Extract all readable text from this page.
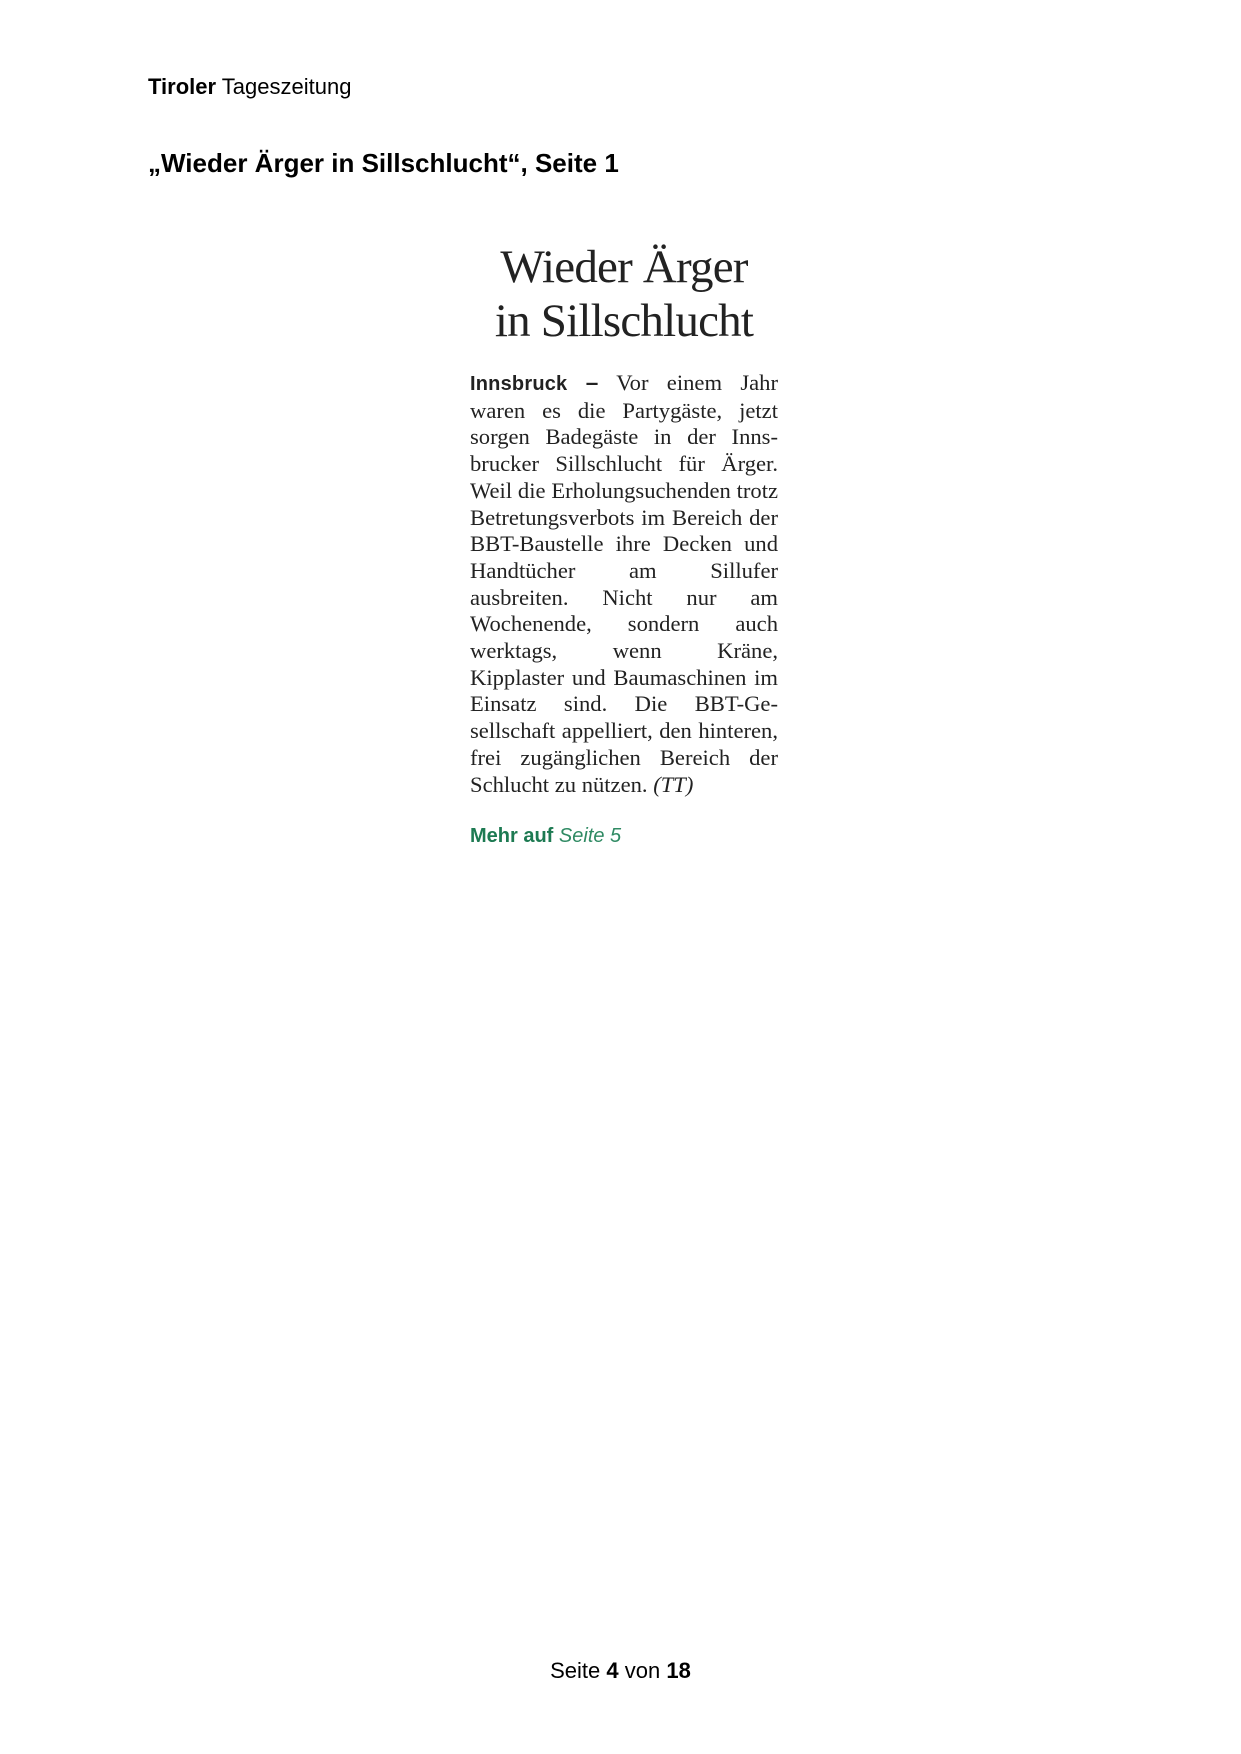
Tiroler Tageszeitung
„Wieder Ärger in Sillschlucht“, Seite 1
Wieder Ärger
in Sillschlucht
Innsbruck – Vor einem Jahr waren es die Partygäste, jetzt sorgen Badegäste in der Innsbrucker Sillschlucht für Ärger. Weil die Erholungsuchenden trotz Betretungsverbots im Bereich der BBT-Baustelle ihre Decken und Handtücher am Sillufer ausbreiten. Nicht nur am Wochenende, sondern auch werktags, wenn Kräne, Kipplaster und Baumaschinen im Einsatz sind. Die BBT-Gesellschaft appelliert, den hinteren, frei zugänglichen Bereich der Schlucht zu nützen. (TT)
Mehr auf Seite 5
Seite 4 von 18
